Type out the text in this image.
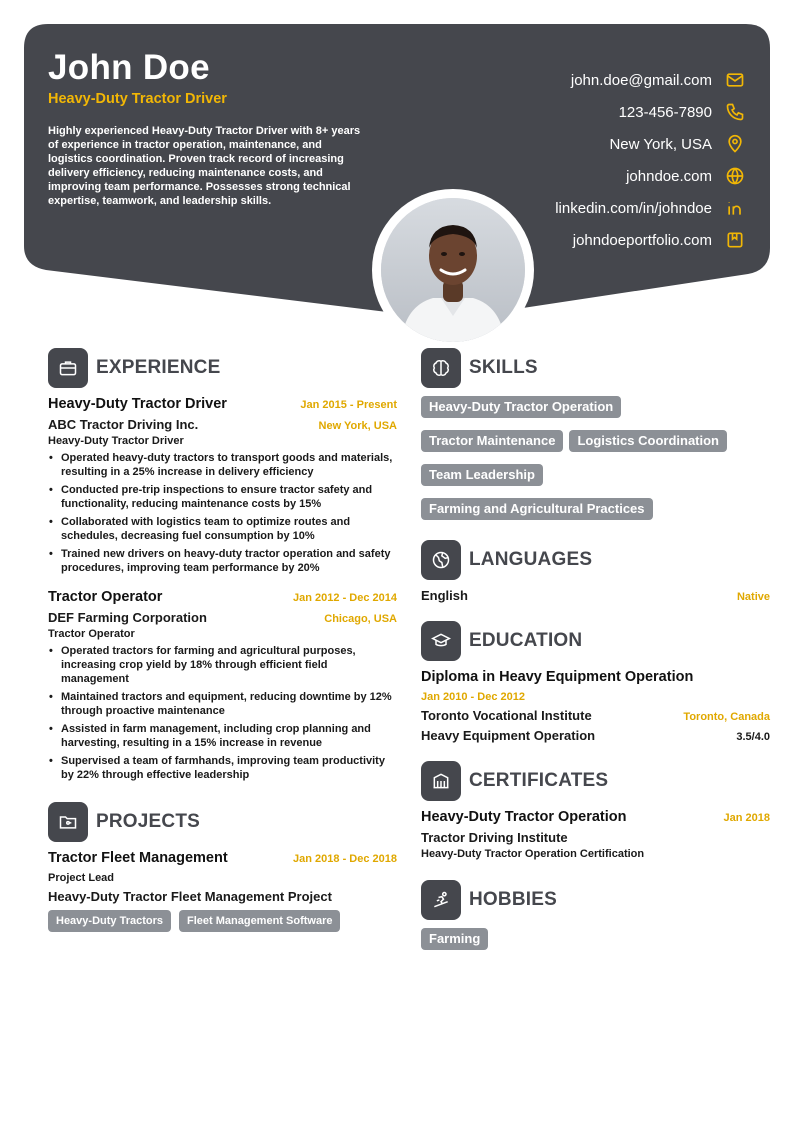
John Doe
Heavy-Duty Tractor Driver
Highly experienced Heavy-Duty Tractor Driver with 8+ years of experience in tractor operation, maintenance, and logistics coordination. Proven track record of increasing delivery efficiency, reducing maintenance costs, and improving team performance. Possesses strong technical expertise, teamwork, and leadership skills.
john.doe@gmail.com
123-456-7890
New York, USA
johndoe.com
linkedin.com/in/johndoe
johndoeportfolio.com
EXPERIENCE
Heavy-Duty Tractor Driver	Jan 2015 - Present
ABC Tractor Driving Inc.	New York, USA
Heavy-Duty Tractor Driver
• Operated heavy-duty tractors to transport goods and materials, resulting in a 25% increase in delivery efficiency
• Conducted pre-trip inspections to ensure tractor safety and functionality, reducing maintenance costs by 15%
• Collaborated with logistics team to optimize routes and schedules, decreasing fuel consumption by 10%
• Trained new drivers on heavy-duty tractor operation and safety procedures, improving team performance by 20%
Tractor Operator	Jan 2012 - Dec 2014
DEF Farming Corporation	Chicago, USA
Tractor Operator
• Operated tractors for farming and agricultural purposes, increasing crop yield by 18% through efficient field management
• Maintained tractors and equipment, reducing downtime by 12% through proactive maintenance
• Assisted in farm management, including crop planning and harvesting, resulting in a 15% increase in revenue
• Supervised a team of farmhands, improving team productivity by 22% through effective leadership
PROJECTS
Tractor Fleet Management	Jan 2018 - Dec 2018
Project Lead
Heavy-Duty Tractor Fleet Management Project
Heavy-Duty Tractors	Fleet Management Software
SKILLS
Heavy-Duty Tractor Operation
Tractor Maintenance	Logistics Coordination
Team Leadership
Farming and Agricultural Practices
LANGUAGES
English	Native
EDUCATION
Diploma in Heavy Equipment Operation
Jan 2010 - Dec 2012
Toronto Vocational Institute	Toronto, Canada
Heavy Equipment Operation	3.5/4.0
CERTIFICATES
Heavy-Duty Tractor Operation	Jan 2018
Tractor Driving Institute
Heavy-Duty Tractor Operation Certification
HOBBIES
Farming
